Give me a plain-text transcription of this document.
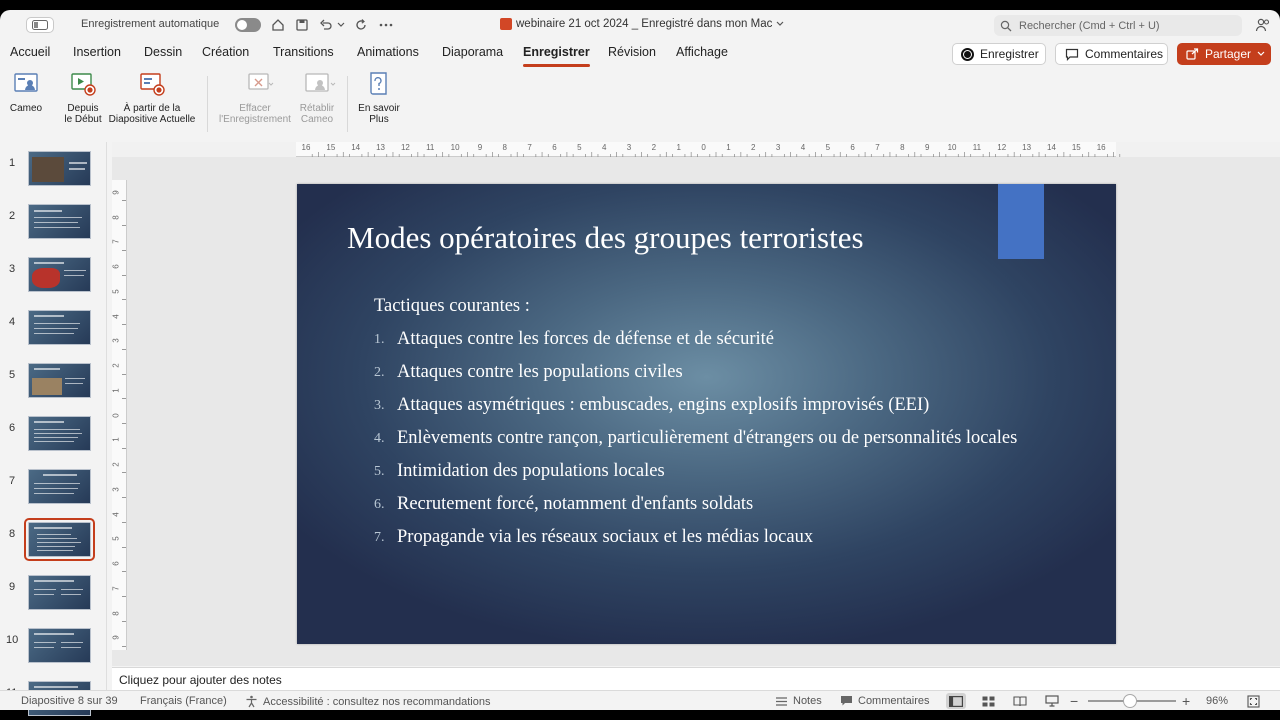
Enregistrement automatique	webinaire 21 oct 2024 _ Enregistré dans mon Mac	Rechercher (Cmd + Ctrl + U)
Accueil Insertion Dessin Création Transitions Animations Diaporama Enregistrer Révision Affichage	Enregistrer	Commentaires	Partager
Cameo	Depuis
le Début
À partir de la
Diapositive Actuelle
Effacer
l'Enregistrement
Rétablir
Cameo
En savoir
Plus
16 15 14 13 12 11 10 9	8	7	6	5	4	3	2	1	0	1	2	3	4	5	6	7	8	9 10 11 12 13 14 15 16
9
8
7
6
5
4
3
2
1
0
1
2
3
4
5
6
7
8
9
1
2
3
4
5
6
7
8
9
10
Modes opératoires des groupes terroristes
Tactiques courantes :
1. Attaques contre les forces de défense et de sécurité
2. Attaques contre les populations civiles
3. Attaques asymétriques : embuscades, engins explosifs improvisés (EEI)
4. Enlèvements contre rançon, particulièrement d'étrangers ou de personnalités locales
5. Intimidation des populations locales
6. Recrutement forcé, notamment d'enfants soldats
7. Propagande via les réseaux sociaux et les médias locaux
Cliquez pour ajouter des notes
Diapositive 8 sur 39 Français (France)	Accessibilité : consultez nos recommandations	Notes	Commentaires	−	+ 96%
